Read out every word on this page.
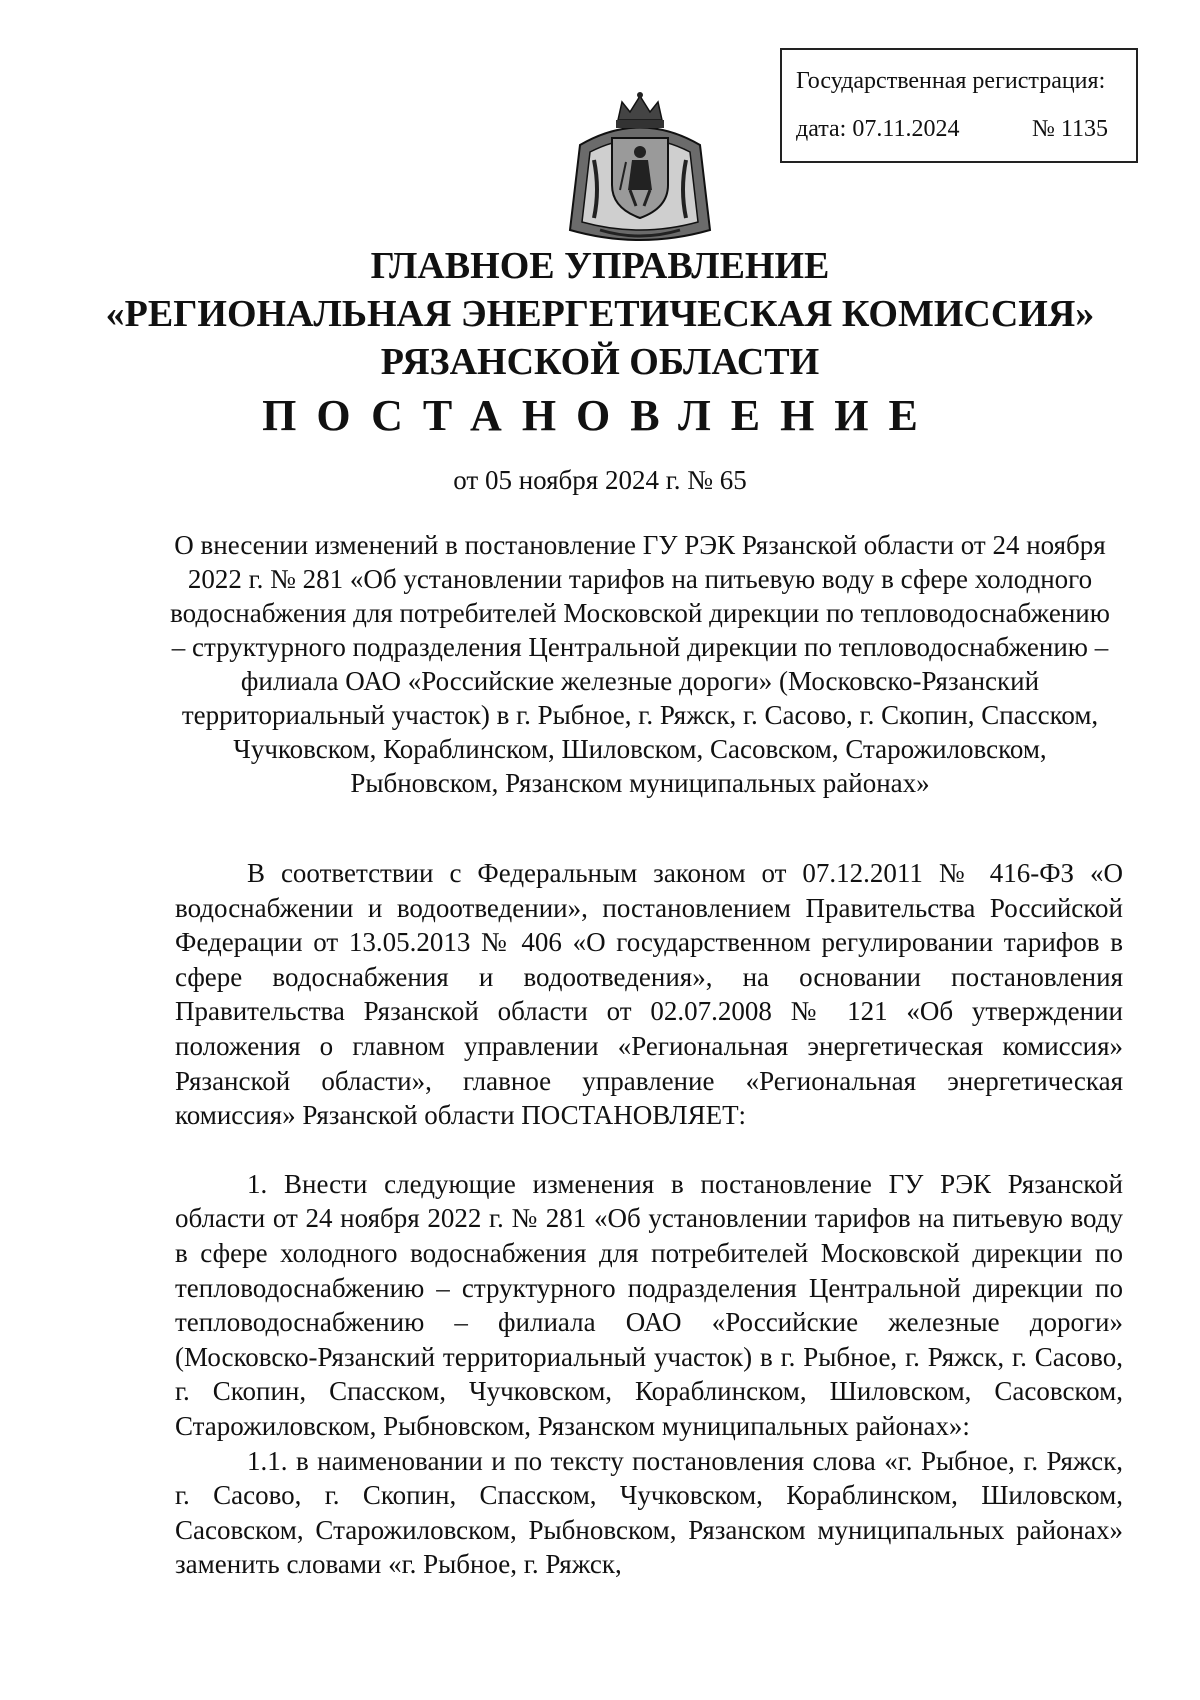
Государственная регистрация:
дата: 07.11.2024	№ 1135
ГЛАВНОЕ УПРАВЛЕНИЕ
«РЕГИОНАЛЬНАЯ ЭНЕРГЕТИЧЕСКАЯ КОМИССИЯ»
РЯЗАНСКОЙ ОБЛАСТИ
ПОСТАНОВЛЕНИЕ
от 05 ноября 2024 г. № 65

О внесении изменений в постановление ГУ РЭК Рязанской области от 24 ноября 2022 г. № 281 «Об установлении тарифов на питьевую воду в сфере холодного водоснабжения для потребителей Московской дирекции по тепловодоснабжению – структурного подразделения Центральной дирекции по тепловодоснабжению – филиала ОАО «Российские железные дороги» (Московско-Рязанский территориальный участок) в г. Рыбное, г. Ряжск, г. Сасово, г. Скопин, Спасском, Чучковском, Кораблинском, Шиловском, Сасовском, Старожиловском, Рыбновском, Рязанском муниципальных районах»

В соответствии с Федеральным законом от 07.12.2011 № 416-ФЗ «О водоснабжении и водоотведении», постановлением Правительства Российской Федерации от 13.05.2013 № 406 «О государственном регулировании тарифов в сфере водоснабжения и водоотведения», на основании постановления Правительства Рязанской области от 02.07.2008 № 121 «Об утверждении положения о главном управлении «Региональная энергетическая комиссия» Рязанской области», главное управление «Региональная энергетическая комиссия» Рязанской области ПОСТАНОВЛЯЕТ:

1. Внести следующие изменения в постановление ГУ РЭК Рязанской области от 24 ноября 2022 г. № 281 «Об установлении тарифов на питьевую воду в сфере холодного водоснабжения для потребителей Московской дирекции по тепловодоснабжению – структурного подразделения Центральной дирекции по тепловодоснабжению – филиала ОАО «Российские железные дороги» (Московско-Рязанский территориальный участок) в г. Рыбное, г. Ряжск, г. Сасово, г. Скопин, Спасском, Чучковском, Кораблинском, Шиловском, Сасовском, Старожиловском, Рыбновском, Рязанском муниципальных районах»:

1.1. в наименовании и по тексту постановления слова «г. Рыбное, г. Ряжск, г. Сасово, г. Скопин, Спасском, Чучковском, Кораблинском, Шиловском, Сасовском, Старожиловском, Рыбновском, Рязанском муниципальных районах» заменить словами «г. Рыбное, г. Ряжск,
